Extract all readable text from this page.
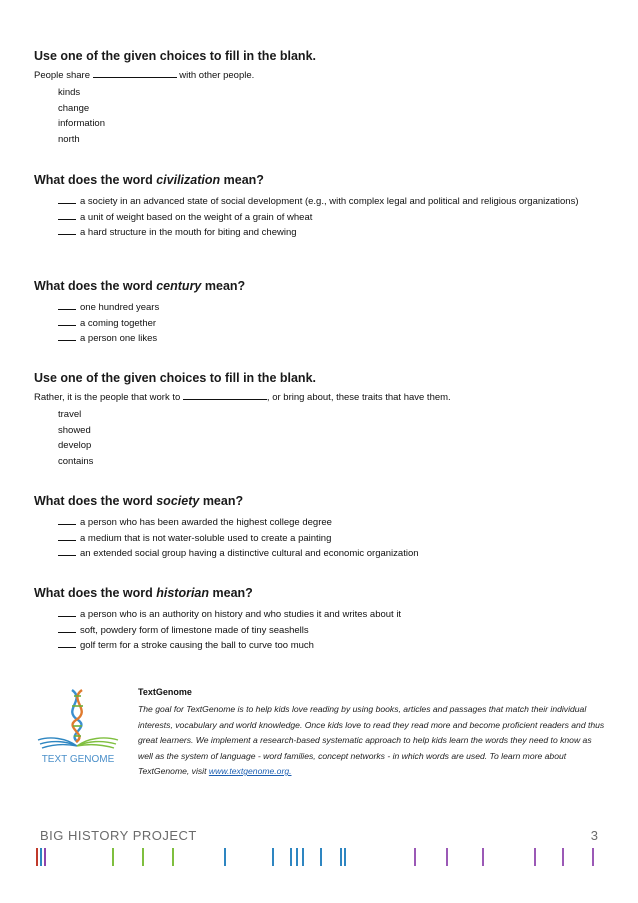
Use one of the given choices to fill in the blank.
People share	with other people.
kinds
change
information
north
What does the word civilization mean?
a society in an advanced state of social development (e.g., with complex legal and political and religious organizations)
a unit of weight based on the weight of a grain of wheat
a hard structure in the mouth for biting and chewing
What does the word century mean?
one hundred years
a coming together
a person one likes
Use one of the given choices to fill in the blank.
Rather, it is the people that work to	, or bring about, these traits that have them.
travel
showed
develop
contains
What does the word society mean?
a person who has been awarded the highest college degree
a medium that is not water-soluble used to create a painting
an extended social group having a distinctive cultural and economic organization
What does the word historian mean?
a person who is an authority on history and who studies it and writes about it
soft, powdery form of limestone made of tiny seashells
golf term for a stroke causing the ball to curve too much
TEXT GENOME
TextGenome
The goal for TextGenome is to help kids love reading by using books, articles and passages that match their individual interests, vocabulary and world knowledge. Once kids love to read they read more and become proficient readers and thus great learners. We implement a research-based systematic approach to help kids learn the words they need to know as well as the system of language - word families, concept networks - in which words are used. To learn more about TextGenome, visit www.textgenome.org.
BIG HISTORY PROJECT	3
